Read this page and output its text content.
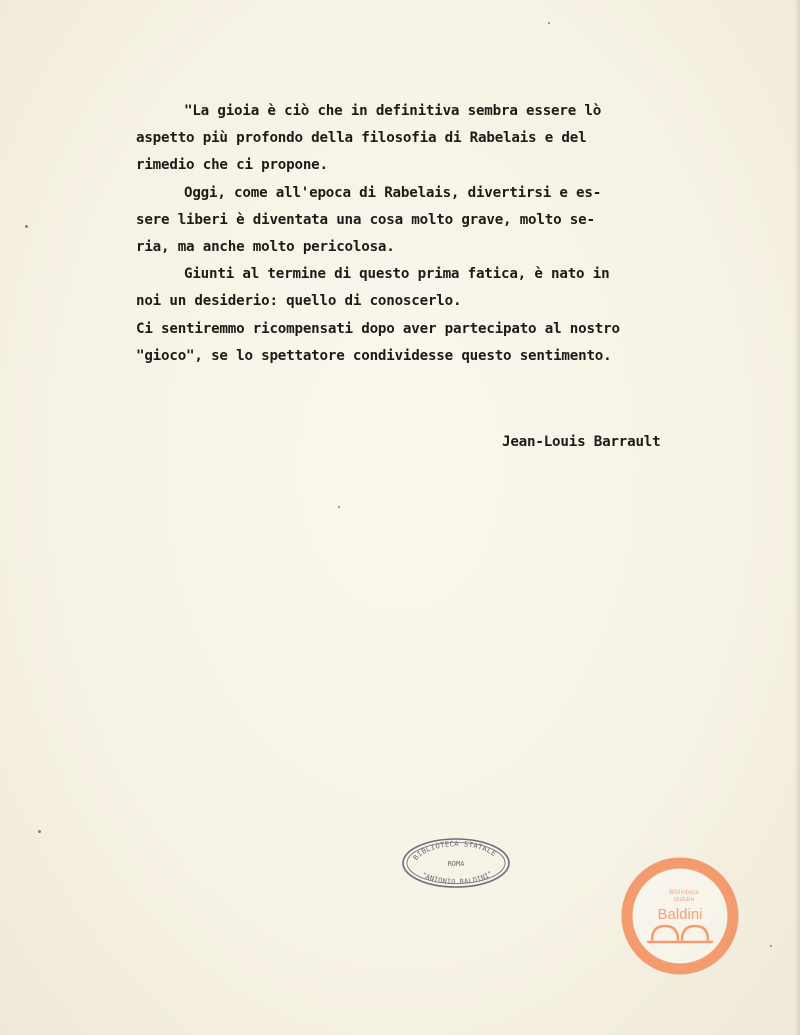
"La gioia è ciò che in definitiva sembra essere lò
aspetto più profondo della filosofia di Rabelais e del
rimedio che ci propone.
Oggi, come all'epoca di Rabelais, divertirsi e es-
sere liberi è diventata una cosa molto grave, molto se-
ria, ma anche molto pericolosa.
Giunti al termine di questo prima fatica, è nato in
noi un desiderio: quello di conoscerlo.
Ci sentiremmo ricompensati dopo aver partecipato al nostro
"gioco", se lo spettatore condividesse questo sentimento.
Jean-Louis Barrault
BIBLIOTECA STATALE
ROMA
"ANTONIO BALDINI"
Biblioteca
statale
Baldini
